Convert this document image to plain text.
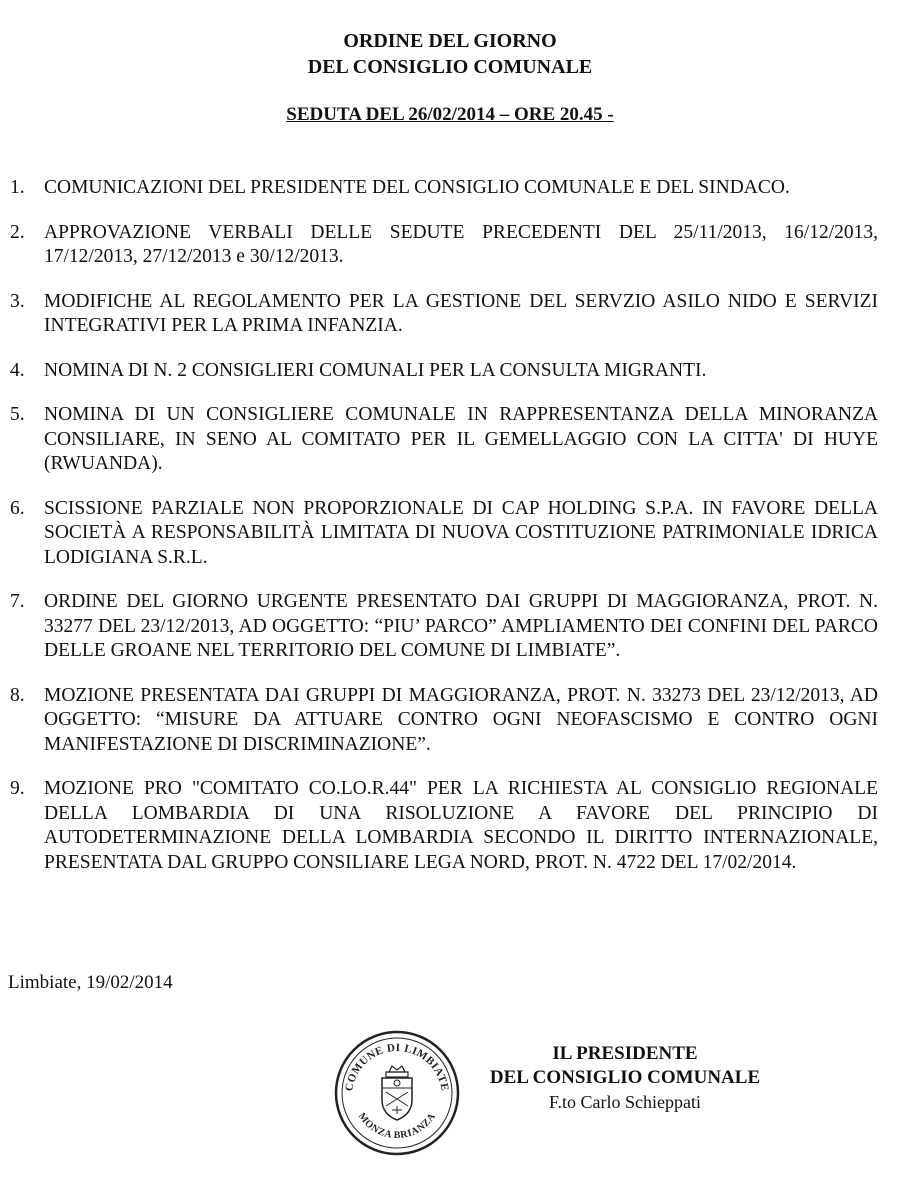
ORDINE DEL GIORNO
DEL CONSIGLIO COMUNALE
SEDUTA DEL 26/02/2014 – ORE 20.45 -
1. COMUNICAZIONI DEL PRESIDENTE DEL CONSIGLIO COMUNALE E DEL SINDACO.
2. APPROVAZIONE VERBALI DELLE SEDUTE PRECEDENTI DEL 25/11/2013, 16/12/2013, 17/12/2013, 27/12/2013 e 30/12/2013.
3. MODIFICHE AL REGOLAMENTO PER LA GESTIONE DEL SERVZIO ASILO NIDO E SERVIZI INTEGRATIVI PER LA PRIMA INFANZIA.
4. NOMINA DI N. 2 CONSIGLIERI COMUNALI PER LA CONSULTA MIGRANTI.
5. NOMINA DI UN CONSIGLIERE COMUNALE IN RAPPRESENTANZA DELLA MINORANZA CONSILIARE, IN SENO AL COMITATO PER IL GEMELLAGGIO CON LA CITTA' DI HUYE (RWUANDA).
6. SCISSIONE PARZIALE NON PROPORZIONALE DI CAP HOLDING S.P.A. IN FAVORE DELLA SOCIETÀ A RESPONSABILITÀ LIMITATA DI NUOVA COSTITUZIONE PATRIMONIALE IDRICA LODIGIANA S.R.L.
7. ORDINE DEL GIORNO URGENTE PRESENTATO DAI GRUPPI DI MAGGIORANZA, PROT. N. 33277 DEL 23/12/2013, AD OGGETTO: “PIU’ PARCO” AMPLIAMENTO DEI CONFINI DEL PARCO DELLE GROANE NEL TERRITORIO DEL COMUNE DI LIMBIATE”.
8. MOZIONE PRESENTATA DAI GRUPPI DI MAGGIORANZA, PROT. N. 33273 DEL 23/12/2013, AD OGGETTO: “MISURE DA ATTUARE CONTRO OGNI NEOFASCISMO E CONTRO OGNI MANIFESTAZIONE DI DISCRIMINAZIONE”.
9. MOZIONE PRO "COMITATO CO.LO.R.44" PER LA RICHIESTA AL CONSIGLIO REGIONALE DELLA LOMBARDIA DI UNA RISOLUZIONE A FAVORE DEL PRINCIPIO DI AUTODETERMINAZIONE DELLA LOMBARDIA SECONDO IL DIRITTO INTERNAZIONALE, PRESENTATA DAL GRUPPO CONSILIARE LEGA NORD, PROT. N. 4722 DEL 17/02/2014.
Limbiate, 19/02/2014
COMUNE DI LIMBIATE
MONZA BRIANZA
IL PRESIDENTE
DEL CONSIGLIO COMUNALE
F.to Carlo Schieppati
